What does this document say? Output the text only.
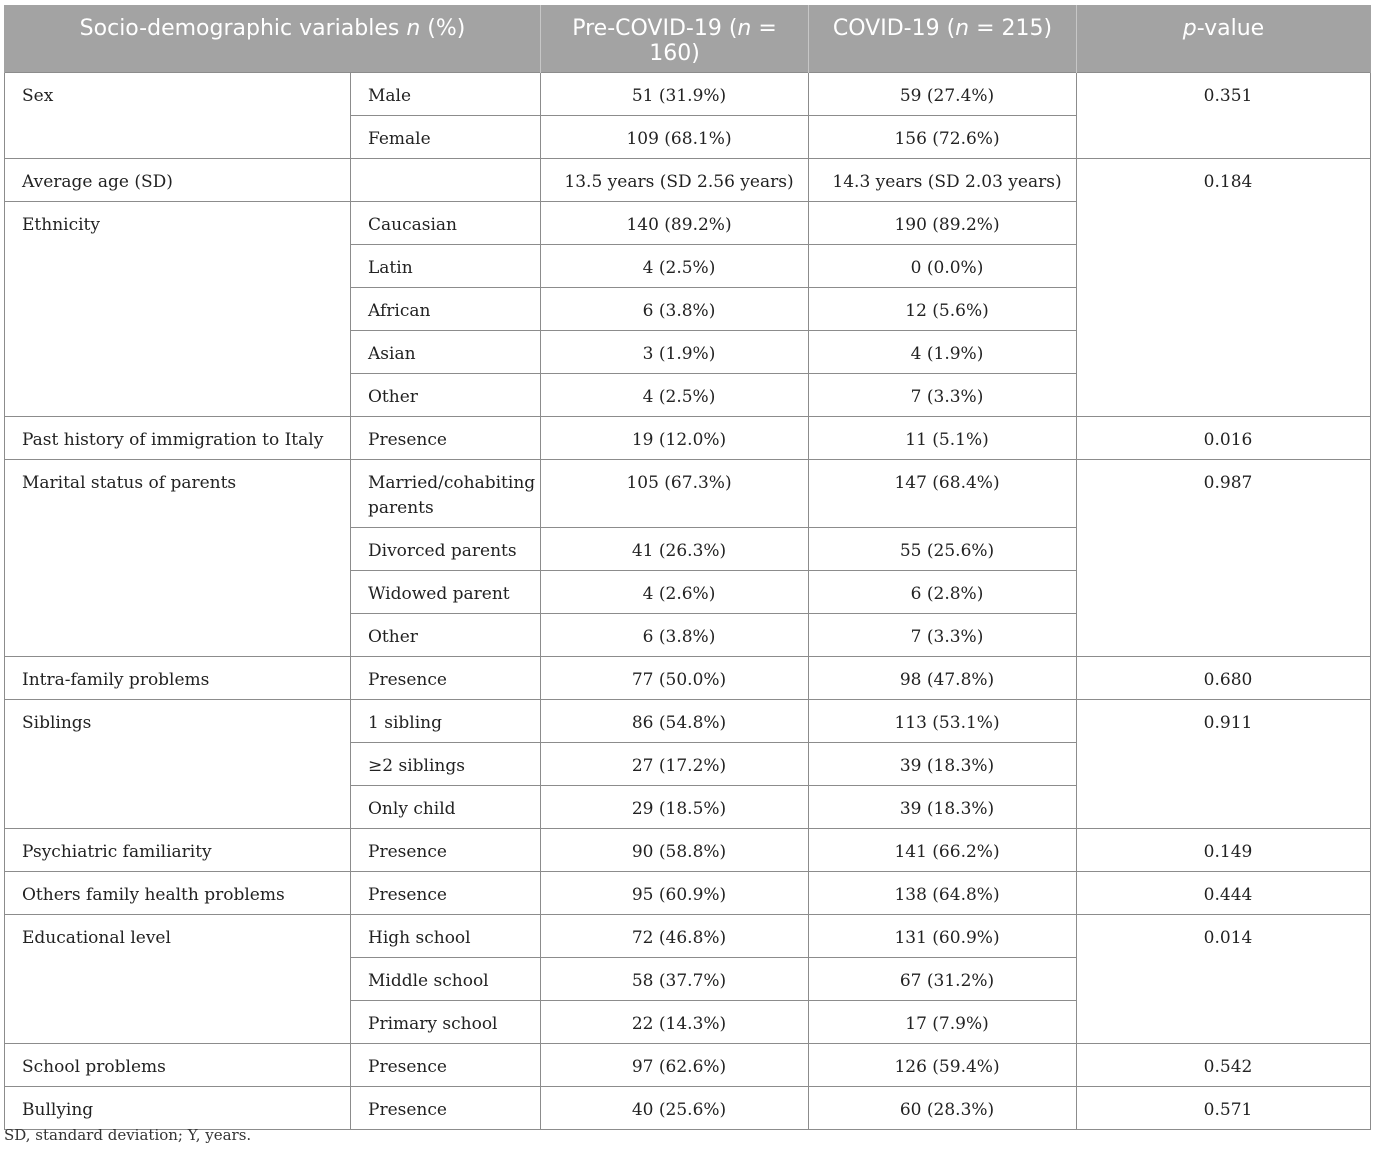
Socio-demographic variables n (%)		Pre-COVID-19 (n = 160)	COVID-19 (n = 215)	p-value
Sex	Male	51 (31.9%)	59 (27.4%)	0.351
	Female	109 (68.1%)	156 (72.6%)	
Average age (SD)		13.5 years (SD 2.56 years)	14.3 years (SD 2.03 years)	0.184
Ethnicity	Caucasian	140 (89.2%)	190 (89.2%)	
	Latin	4 (2.5%)	0 (0.0%)	
	African	6 (3.8%)	12 (5.6%)	
	Asian	3 (1.9%)	4 (1.9%)	
	Other	4 (2.5%)	7 (3.3%)	
Past history of immigration to Italy	Presence	19 (12.0%)	11 (5.1%)	0.016
Marital status of parents	Married/cohabiting parents	105 (67.3%)	147 (68.4%)	0.987
	Divorced parents	41 (26.3%)	55 (25.6%)	
	Widowed parent	4 (2.6%)	6 (2.8%)	
	Other	6 (3.8%)	7 (3.3%)	
Intra-family problems	Presence	77 (50.0%)	98 (47.8%)	0.680
Siblings	1 sibling	86 (54.8%)	113 (53.1%)	0.911
	≥2 siblings	27 (17.2%)	39 (18.3%)	
	Only child	29 (18.5%)	39 (18.3%)	
Psychiatric familiarity	Presence	90 (58.8%)	141 (66.2%)	0.149
Others family health problems	Presence	95 (60.9%)	138 (64.8%)	0.444
Educational level	High school	72 (46.8%)	131 (60.9%)	0.014
	Middle school	58 (37.7%)	67 (31.2%)	
	Primary school	22 (14.3%)	17 (7.9%)	
School problems	Presence	97 (62.6%)	126 (59.4%)	0.542
Bullying	Presence	40 (25.6%)	60 (28.3%)	0.571
SD, standard deviation; Y, years.
